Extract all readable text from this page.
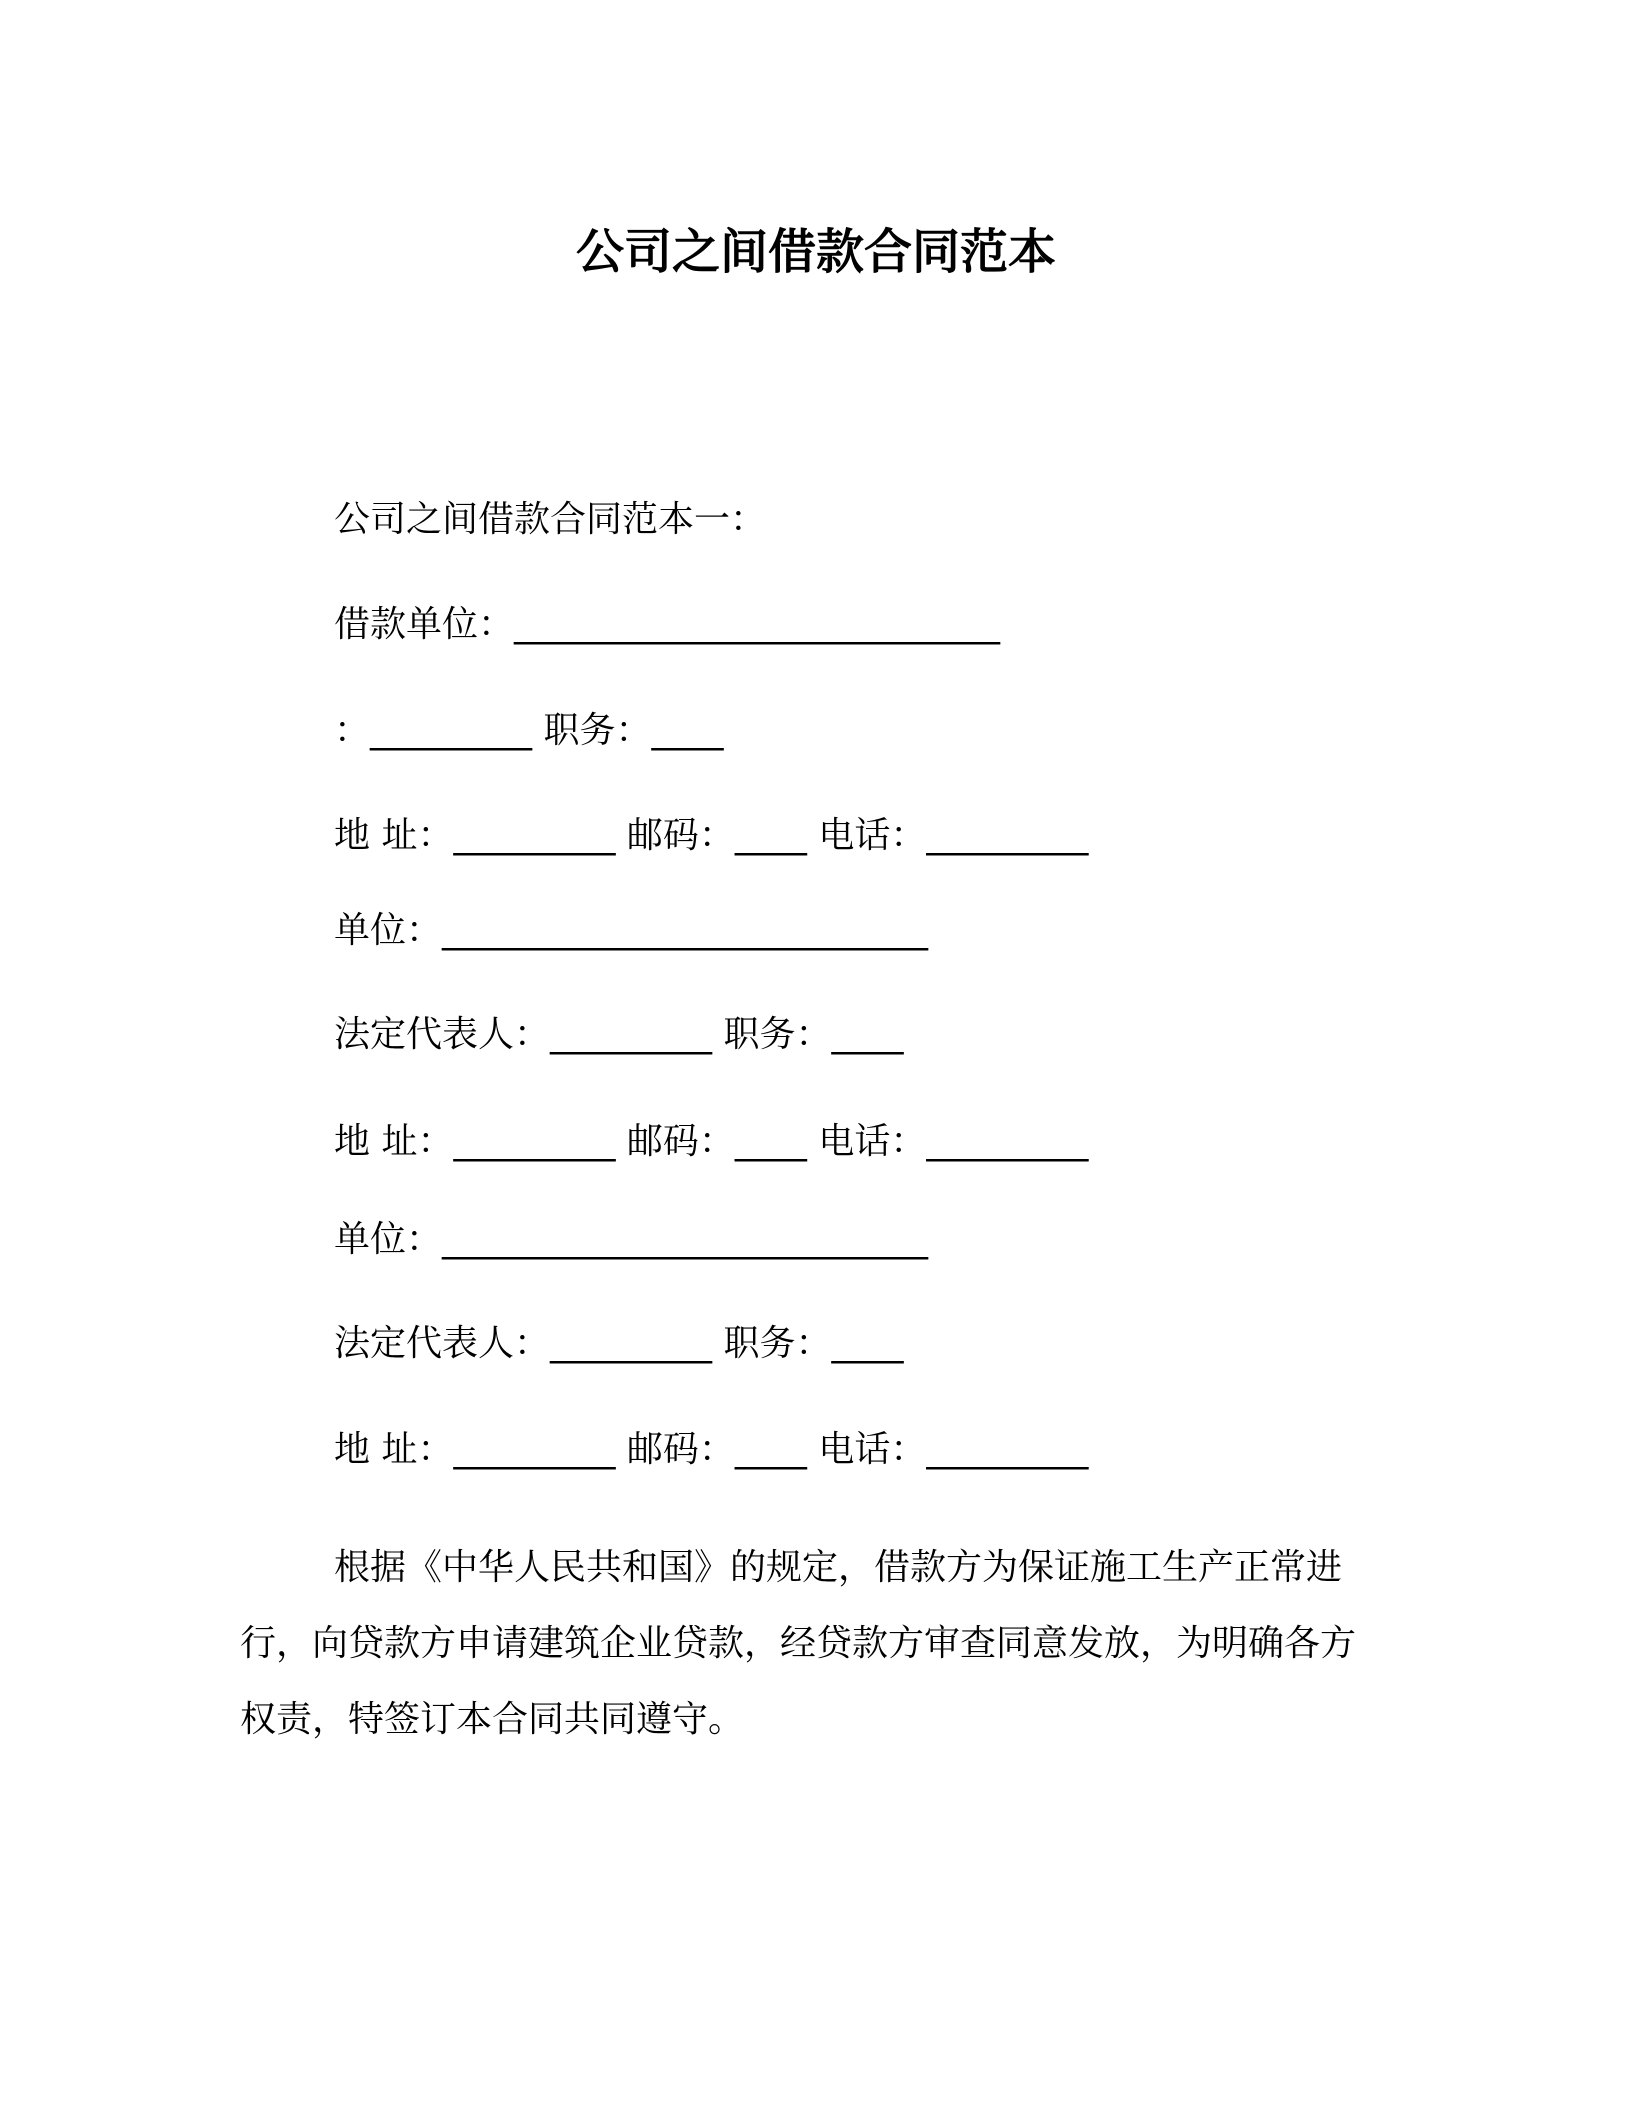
公司之间借款合同范本
公司之间借款合同范本一：
借款单位：___________________________
：_________ 职务：____
地 址：_________ 邮码：____ 电话：_________
单位：___________________________
法定代表人：_________ 职务：____
地 址：_________ 邮码：____ 电话：_________
单位：___________________________
法定代表人：_________ 职务：____
地 址：_________ 邮码：____ 电话：_________
根据《中华人民共和国》的规定，借款方为保证施工生产正常进行，向贷款方申请建筑企业贷款，经贷款方审查同意发放，为明确各方权责，特签订本合同共同遵守。
